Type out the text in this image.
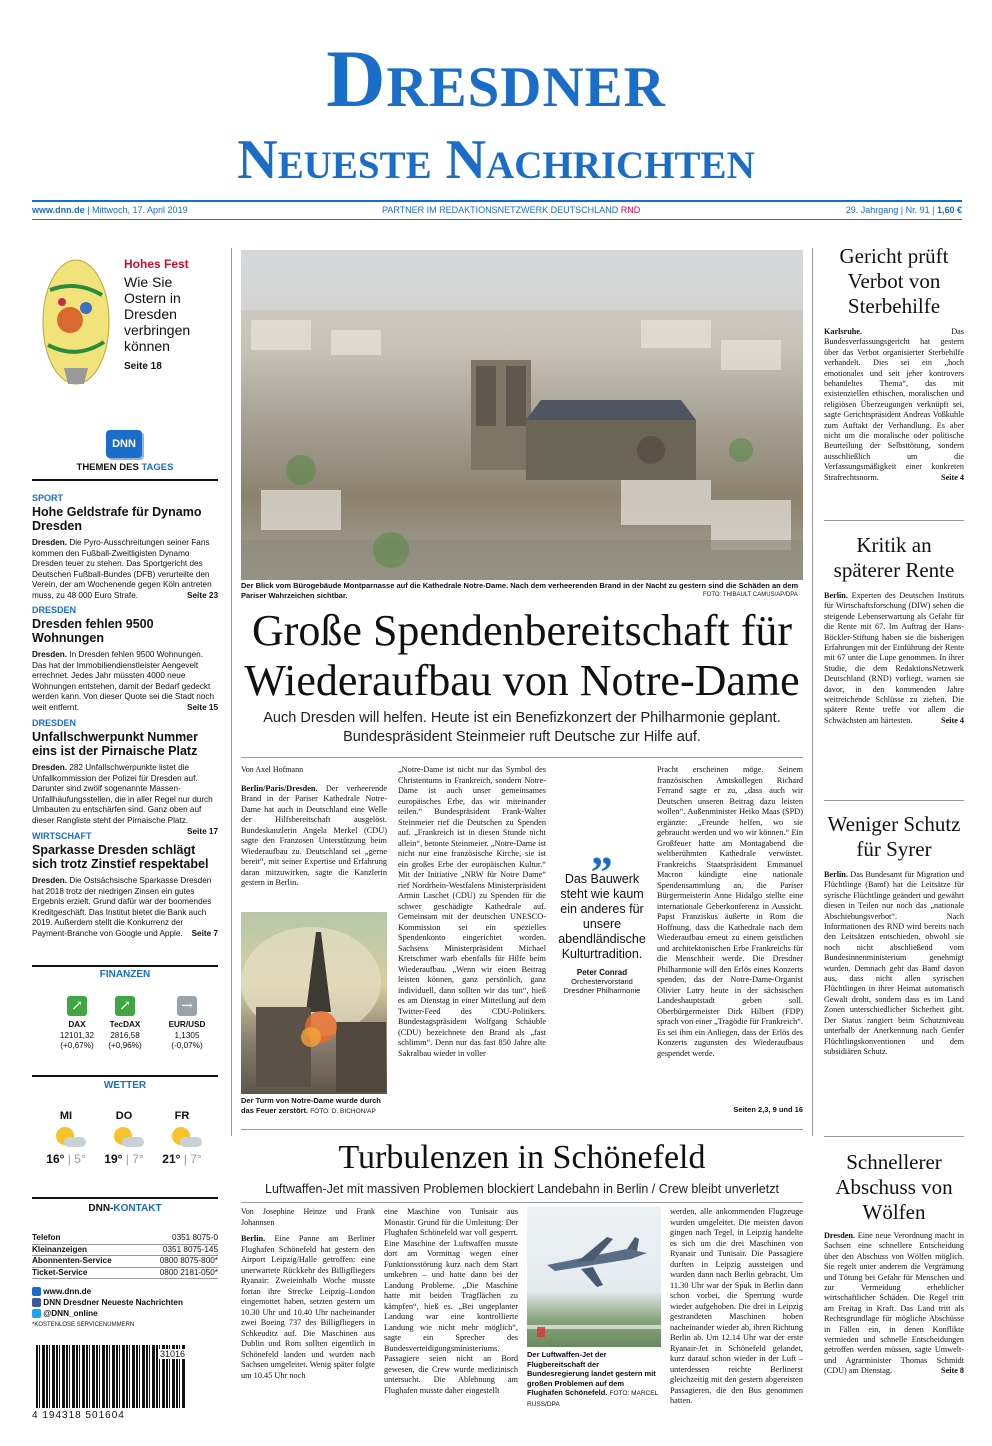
Dresdner
Neueste Nachrichten
www.dnn.de | Mittwoch, 17. April 2019	PARTNER IM REDAKTIONSNETZWERK DEUTSCHLAND RND	29. Jahrgang | Nr. 91 | 1,60 €
Hohes Fest
Wie Sie Ostern in Dresden verbringen können
Seite 18
DNN
THEMEN DES TAGES
SPORT
Hohe Geldstrafe für Dynamo Dresden
Dresden. Die Pyro-Ausschreitungen seiner Fans kommen den Fußball-Zweitligisten Dynamo Dresden teuer zu stehen. Das Sportgericht des Deutschen Fußball-Bundes (DFB) verurteilte den Verein, der am Wochenende gegen Köln antreten muss, zu 48 000 Euro Strafe.	Seite 23
DRESDEN
Dresden fehlen 9500 Wohnungen
Dresden. In Dresden fehlen 9500 Wohnungen. Das hat der Immobiliendienstleister Aengevelt errechnet. Jedes Jahr müssten 4000 neue Wohnungen entstehen, damit der Bedarf gedeckt werden kann. Von dieser Quote sei die Stadt noch weit entfernt.	Seite 15
DRESDEN
Unfallschwerpunkt Nummer eins ist der Pirnaische Platz
Dresden. 282 Unfallschwerpunkte listet die Unfallkommission der Polizei für Dresden auf. Darunter sind zwölf sogenannte Massen-Unfallhäufungsstellen, die in aller Regel nur durch Umbauten zu entschärfen sind. Ganz oben auf dieser Rangliste steht der Pirnaische Platz.
Seite 17
WIRTSCHAFT
Sparkasse Dresden schlägt sich trotz Zinstief respektabel
Dresden. Die Ostsächsische Sparkasse Dresden hat 2018 trotz der niedrigen Zinsen ein gutes Ergebnis erzielt. Grund dafür war der boomendes Kreditgeschäft. Das Institut bietet die Bank auch 2019. Außerdem stellt die Konkurrenz der Payment-Branche von Google und Apple. Seite 7
FINANZEN
↗
DAX
12101,32
(+0,67%)
↗
TecDAX
2816,58
(+0,96%)
→
EUR/USD
1,1305
(-0,07%)
WETTER
MI
16° | 5°
DO
19° | 7°
FR
21° | 7°
DNN-KONTAKT
Telefon	0351 8075-0
Kleinanzeigen	0351 8075-145
Abonnenten-Service	0800 8075-800*
Ticket-Service	0800 2181-050*
www.dnn.de
DNN Dresdner Neueste Nachrichten
@DNN_online
*KOSTENLOSE SERVICENUMMERN
31016
4 194318 501604
Der Blick vom Bürogebäude Montparnasse auf die Kathedrale Notre-Dame. Nach dem verheerenden Brand in der Nacht zu gestern sind die Schäden an dem Pariser Wahrzeichen sichtbar.	FOTO: THIBAULT CAMUS/AP/DPA
Große Spendenbereitschaft für
Wiederaufbau von Notre-Dame
Auch Dresden will helfen. Heute ist ein Benefizkonzert der Philharmonie geplant. Bundespräsident Steinmeier ruft Deutsche zur Hilfe auf.
Von Axel Hofmann
Berlin/Paris/Dresden. Der verheerende Brand in der Pariser Kathedrale Notre-Dame hat auch in Deutschland eine Welle der Hilfsbereitschaft ausgelöst. Bundeskanzlerin Angela Merkel (CDU) sagte den Franzosen Unterstützung beim Wiederaufbau zu. Deutschland sei „gerne bereit“, mit seiner Expertise und Erfahrung daran mitzuwirken, sagte die Kanzlerin gestern in Berlin.
Der Turm von Notre-Dame wurde durch das Feuer zerstört. FOTO: D. BICHON/AP
„Notre-Dame ist nicht nur das Symbol des Christentums in Frankreich, sondern Notre-Dame ist auch unser gemeinsames europäisches Erbe, das wir miteinander teilen.“ Bundespräsident Frank-Walter Steinmeier rief die Deutschen zu Spenden auf. „Frankreich ist in diesen Stunde nicht allein“, betonte Steinmeier. „Notre-Dame ist nicht nur eine französische Kirche, sie ist ein großes Erbe der europäischen Kultur.“ Mit der Initiative „NRW für Notre Dame“ rief Nordrhein-Westfalens Ministerpräsident Armin Laschet (CDU) zu Spenden für die schwer geschädigte Kathedrale auf. Gemeinsam mit der deutschen UNESCO-Kommission sei ein spezielles Spendenkonto eingerichtet worden. Sachsens Ministerpräsident Michael Kretschmer warb ebenfalls für Hilfe beim Wiederaufbau. „Wenn wir einen Beitrag leisten können, ganz persönlich, ganz individuell, dann sollten wir das tun“, hieß es am Dienstag in einer Mitteilung auf dem Twitter-Feed des CDU-Politikers. Bundestagspräsident Wolfgang Schäuble (CDU) bezeichnete den Brand als „fast schlimm“. Denn nur das fast 850 Jahre alte Sakralbau wieder in voller
„
Das Bauwerk steht wie kaum ein anderes für unsere abendländische Kulturtradition.
Peter Conrad
Orchestervorstand
Dresdner Philharmonie
Pracht erscheinen möge. Seinem französischen Amtskollegen Richard Ferrand sagte er zu, „dass auch wir Deutschen unseren Beitrag dazu leisten wollen“. Außenminister Heiko Maas (SPD) ergänzte: „Freunde helfen, wo sie gebraucht werden und wo wir können.“ Ein Großfeuer hatte am Montagabend die weltberühmten Kathedrale verwüstet. Frankreichs Staatspräsident Emmanuel Macron kündigte eine nationale Spendensammlung an, die Pariser Bürgermeisterin Anne Hidalgo stellte eine internationale Geberkonferenz in Aussicht. Papst Franziskus äußerte in Rom die Hoffnung, dass die Kathedrale nach dem Wiederaufbau erneut zu einem geistlichen und architektonischen Erbe Frankreichs für die Menschheit werde. Die Dresdner Philharmonie will den Erlös eines Konzerts spenden, das der Notre-Dame-Organist Olivier Latry heute in der sächsischen Landeshauptstadt geben soll. Oberbürgermeister Dirk Hilbert (FDP) sprach von einer „Tragödie für Frankreich“. Es sei ihm ein Anliegen, dass der Erlös des Konzerts zugunsten des Wiederaufbaus gespendet werde.
Seiten 2,3, 9 und 16
Gericht prüft Verbot von Sterbehilfe
Karlsruhe.	Das Bundesverfassungsgericht hat gestern über das Verbot organisierter Sterbehilfe verhandelt. Dies sei ein „hoch emotionales und seit jeher kontrovers behandeltes Thema“, das mit existenziellen ethischen, moralischen und religiösen Überzeugungen verknüpft sei, sagte Gerichtspräsident Andreas Voßkuhle zum Auftakt der Verhandlung. Es aber nicht um die moralische oder politische Beurteilung der Selbsttötung, sondern ausschließlich um die Verfassungsmäßigkeit einer konkreten Strafrechtsnorm.	Seite 4
Kritik an späterer Rente
Berlin. Experten des Deutschen Instituts für Wirtschaftsforschung (DIW) sehen die steigende Lebenserwartung als Gefahr für die Rente mit 67. Im Auftrag der Hans-Böckler-Stiftung haben sie die bisherigen Erfahrungen mit der Einführung der Rente mit 67 unter die Lupe genommen. In ihrer Studie, die dem RedaktionsNetzwerk Deutschland (RND) vorliegt, warnen sie davor, in den kommenden Jahre weitreichende Schlüsse zu ziehen. Die spätere Rente treffe vor allem die Schwächsten am härtesten.	Seite 4
Weniger Schutz für Syrer
Berlin. Das Bundesamt für Migration und Flüchtlinge (Bamf) hat die Leitsätze für syrische Flüchtlinge geändert und gewährt diesen in Teilen nur noch das „nationale Abschiebungsverbot“. Nach Informationen des RND wird bereits nach den Leitsätzen entschieden, obwohl sie noch nicht abschließend vom Bundesinnenministerium genehmigt wurden. Demnach geht das Bamf davon aus, dass nicht allen syrischen Flüchtlingen in ihrer Heimat automatisch Gewalt droht, sondern dass es im Land Zonen unterschiedlicher Sicherheit gibt. Der Status rangiert beim Schutzniveau unterhalb der Anerkennung nach Genfer Flüchtlingskonventionen und dem subsidiären Schutz.
Schnellerer Abschuss von Wölfen
Dresden. Eine neue Verordnung macht in Sachsen eine schnellere Entscheidung über den Abschuss von Wölfen möglich. Sie regelt unter anderem die Vergrämung und Tötung bei Gefahr für Menschen und zur Vermeidung erheblicher wirtschaftlicher Schäden. Die Regel tritt am Freitag in Kraft. Das Land tritt als Rechtsgrundlage für mögliche Abschüsse in Fällen ein, in denen Konflikte vermieden und schnelle Entscheidungen getroffen werden müssen, sagte Umwelt- und Agrarminister Thomas Schmidt (CDU) am Dienstag.	Seite 8
Turbulenzen in Schönefeld
Luftwaffen-Jet mit massiven Problemen blockiert Landebahn in Berlin / Crew bleibt unverletzt
Von Josephine Heinze und Frank Johannsen
Berlin. Eine Panne am Berliner Flughafen Schönefeld hat gestern den Airport Leipzig/Halle getroffen: eine unerwartete Rückkehr des Billigfliegers Ryanair: Zweieinhalb Woche musste fortan ihre Strecke Leipzig–London eingemottet haben, setzten gestern um 10.30 Uhr und 10.40 Uhr nacheinander zwei Boeing 737 des Billigfliegers in Schkeuditz auf. Die Maschinen aus Dublin und Rom sollten eigentlich in Schönefeld landen und wurden nach Sachsen umgeleitet. Wenig später folgte um 10.45 Uhr noch
eine Maschine von Tunisair aus Monastir. Grund für die Umleitung: Der Flughafen Schönefeld war voll gesperrt. Eine Maschine der Luftwaffen musste dort am Vormittag wegen einer Funktionsstörung kurz nach dem Start umkehren – und hatte dann bei der Landung Probleme. „Die Maschine hatte mit beiden Tragflächen zu kämpfen“, hieß es. „Bei ungeplanter Landung war eine kontrollierte Landung wie nicht mehr möglich“, sagte ein Sprecher des Bundesverteidigungsministeriums. Passagiere seien nicht an Bord gewesen, die Crew wurde medizinisch untersucht. Die Ablehnung am Flughafen musste daher eingestellt
Der Luftwaffen-Jet der Flugbereitschaft der Bundesregierung landet gestern mit großen Problemen auf dem Flughafen Schönefeld. FOTO: MARCEL RUSS/DPA
werden, alle ankommenden Flugzeuge wurden umgeleitet. Die meisten davon gingen nach Tegel, in Leipzig handelte es sich um die drei Maschinen von Ryanair und Tunisair. Die Passagiere durften in Leipzig aussteigen und wurden dann nach Berlin gebracht. Um 11.30 Uhr war der Spuk in Berlin dann schon vorbei, die Sperrung wurde wieder aufgehoben. Die drei in Leipzig gestrandeten Maschinen hoben nacheinander wieder ab, ihren Richtung Berlin ab. Um 12.14 Uhr war der erste Ryanair-Jet in Schönefeld gelandet, kurz darauf schon wieder in der Luft – unterdessen reichte Berlinerst gleichzeitig mit den gestern abgereisten Passagieren, die den Bus genommen hatten.
